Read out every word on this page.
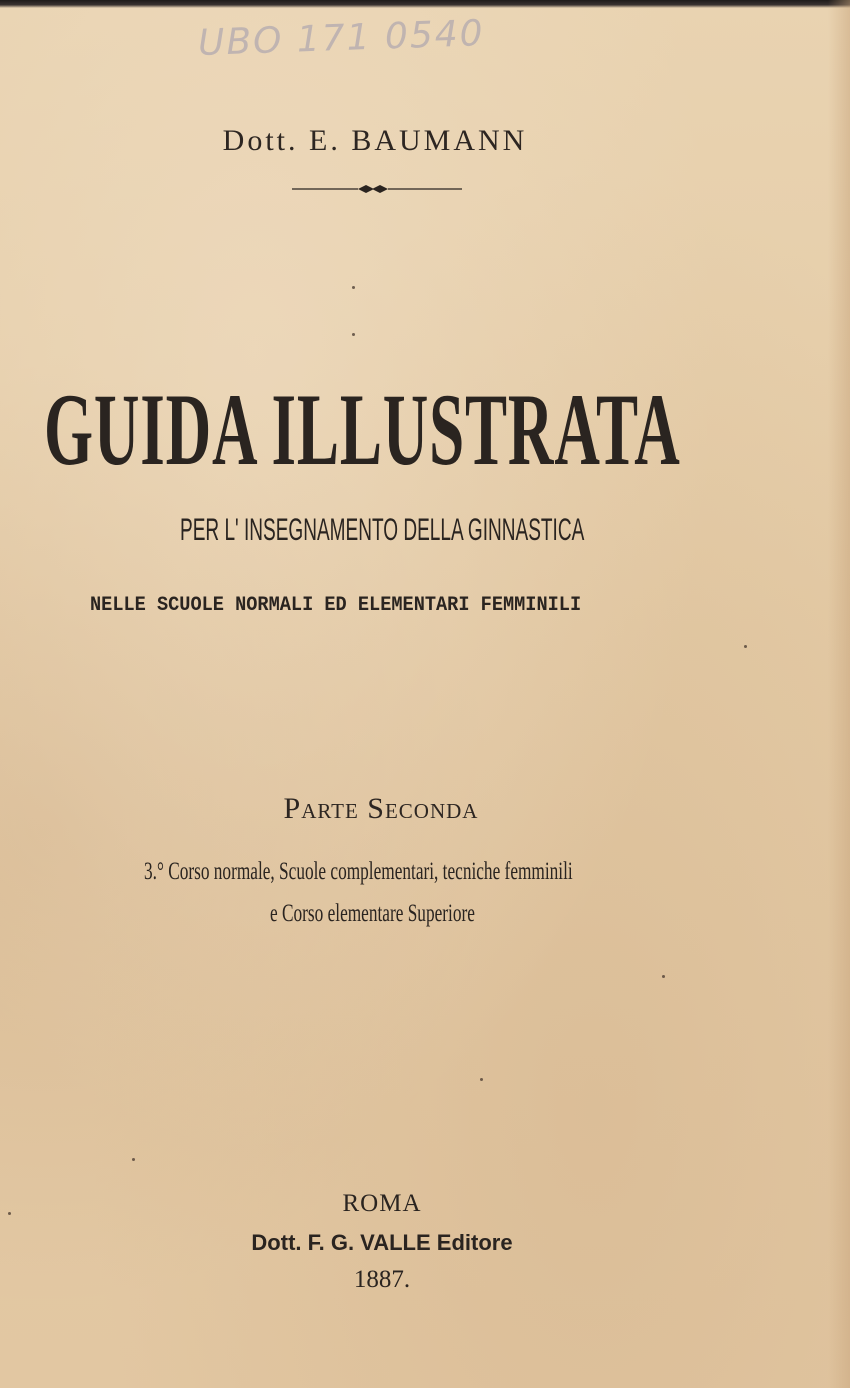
UBO 171 0540
Dott. E. BAUMANN
GUIDA ILLUSTRATA
PER L' INSEGNAMENTO DELLA GINNASTICA
NELLE SCUOLE NORMALI ED ELEMENTARI FEMMINILI
Parte Seconda
3.° Corso normale, Scuole complementari, tecniche femminili
e Corso elementare Superiore
ROMA
Dott. F. G. VALLE Editore
1887.
